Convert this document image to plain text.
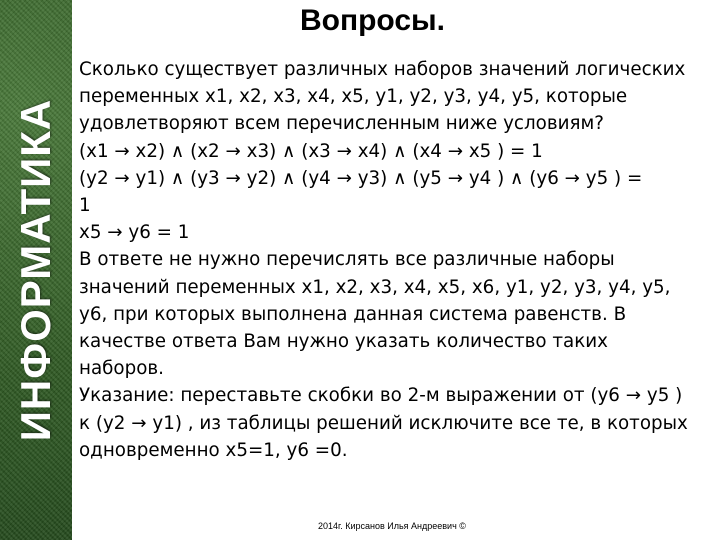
ИНФОРМАТИКА
Вопросы.
Сколько существует различных наборов значений логических
переменных x1, x2, x3, x4, x5, y1, y2, y3, y4, y5, которые
удовлетворяют всем перечисленным ниже условиям?
(x1 → x2) ∧ (x2 → x3) ∧ (x3 → x4) ∧ (x4 → x5 ) = 1
(y2 → y1) ∧ (y3 → y2) ∧ (y4 → y3) ∧ (y5 → y4 ) ∧ (y6 → y5 ) =
1
x5 → y6 = 1
В ответе не нужно перечислять все различные наборы
значений переменных x1, x2, x3, x4, x5, x6, y1, y2, y3, y4, y5,
y6, при которых выполнена данная система равенств. В
качестве ответа Вам нужно указать количество таких
наборов.
Указание: переставьте скобки во 2-м выражении от (y6 → y5 )
к (y2 → y1) , из таблицы решений исключите все те, в которых
одновременно x5=1, y6 =0.
2014г. Кирсанов Илья Андреевич ©
